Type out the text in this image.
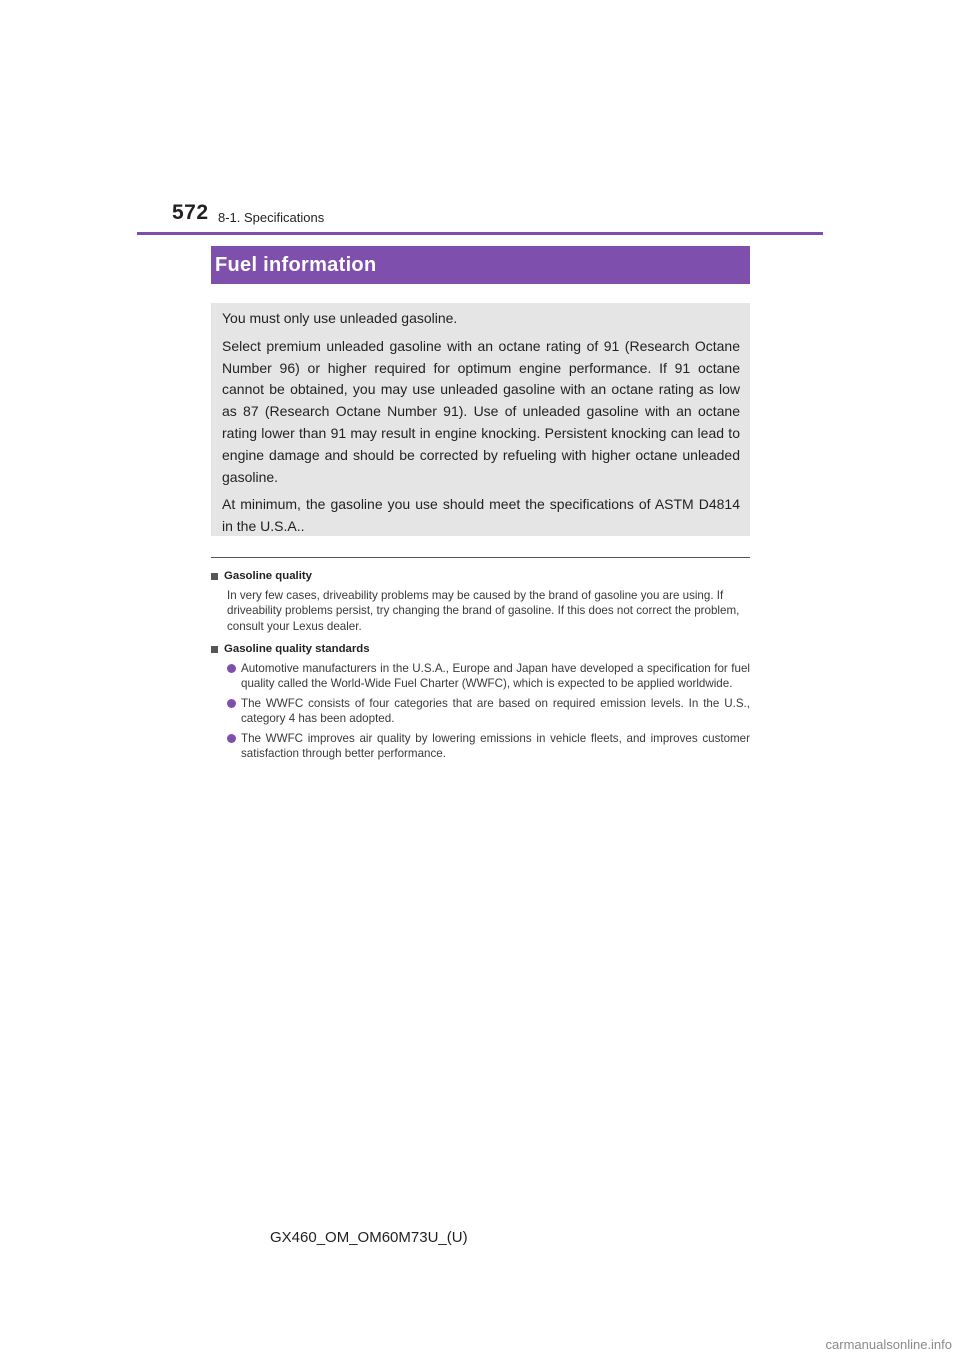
572 8-1. Specifications
Fuel information

You must only use unleaded gasoline.

Select premium unleaded gasoline with an octane rating of 91 (Research Octane Number 96) or higher required for optimum engine performance. If 91 octane cannot be obtained, you may use unleaded gasoline with an octane rating as low as 87 (Research Octane Number 91). Use of unleaded gasoline with an octane rating lower than 91 may result in engine knocking. Persistent knocking can lead to engine damage and should be corrected by refueling with higher octane unleaded gasoline.

At minimum, the gasoline you use should meet the specifications of ASTM D4814 in the U.S.A..

Gasoline quality
In very few cases, driveability problems may be caused by the brand of gasoline you are using. If driveability problems persist, try changing the brand of gasoline. If this does not correct the problem, consult your Lexus dealer.
Gasoline quality standards
Automotive manufacturers in the U.S.A., Europe and Japan have developed a specification for fuel quality called the World-Wide Fuel Charter (WWFC), which is expected to be applied worldwide.
The WWFC consists of four categories that are based on required emission levels. In the U.S., category 4 has been adopted.
The WWFC improves air quality by lowering emissions in vehicle fleets, and improves customer satisfaction through better performance.
GX460_OM_OM60M73U_(U)
carmanualsonline.info
